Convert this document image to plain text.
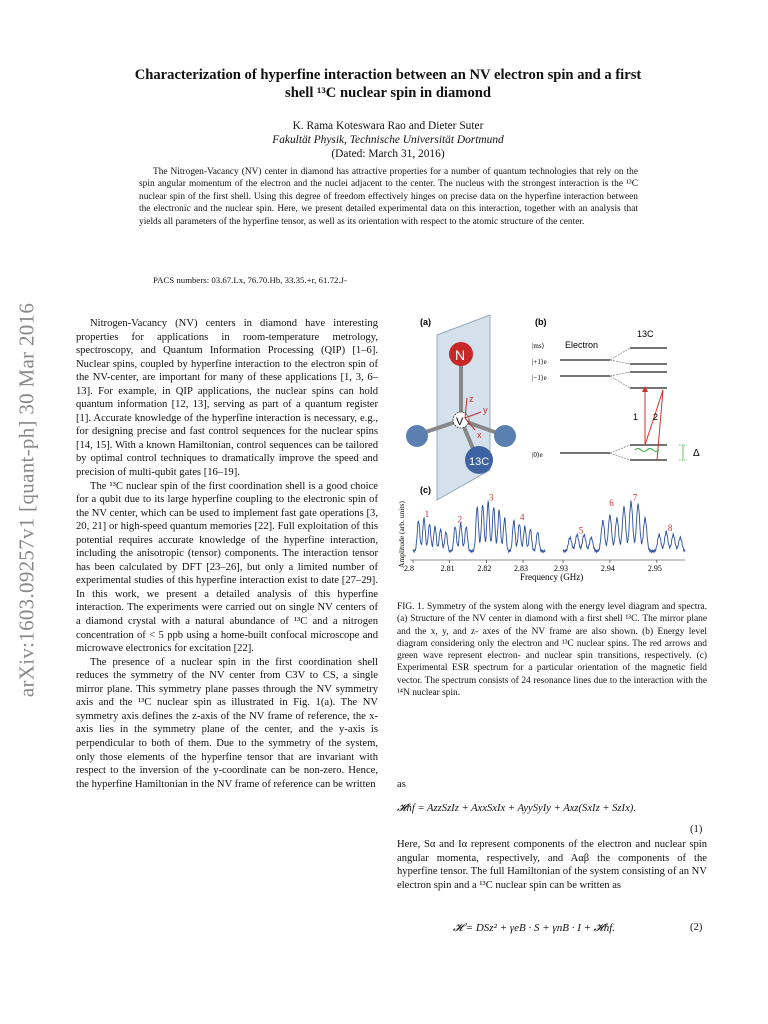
arXiv:1603.09257v1 [quant-ph] 30 Mar 2016
Characterization of hyperfine interaction between an NV electron spin and a first
shell ¹³C nuclear spin in diamond
K. Rama Koteswara Rao and Dieter Suter
Fakultät Physik, Technische Universität Dortmund
(Dated: March 31, 2016)
The Nitrogen-Vacancy (NV) center in diamond has attractive properties for a number of quantum technologies that rely on the spin angular momentum of the electron and the nuclei adjacent to the center. The nucleus with the strongest interaction is the ¹³C nuclear spin of the first shell. Using this degree of freedom effectively hinges on precise data on the hyperfine interaction between the electronic and the nuclear spin. Here, we present detailed experimental data on this interaction, together with an analysis that yields all parameters of the hyperfine tensor, as well as its orientation with respect to the atomic structure of the center.
PACS numbers: 03.67.Lx, 76.70.Hb, 33.35.+r, 61.72.J-

Nitrogen-Vacancy (NV) centers in diamond have interesting properties for applications in room-temperature metrology, spectroscopy, and Quantum Information Processing (QIP) [1–6]. Nuclear spins, coupled by hyperfine interaction to the electron spin of the NV-center, are important for many of these applications [1, 3, 6–13]. For example, in QIP applications, the nuclear spins can hold quantum information [12, 13], serving as part of a quantum register [1]. Accurate knowledge of the hyperfine interaction is necessary, e.g., for designing precise and fast control sequences for the nuclear spins [14, 15]. With a known Hamiltonian, control sequences can be tailored by optimal control techniques to dramatically improve the speed and precision of multi-qubit gates [16–19].

The ¹³C nuclear spin of the first coordination shell is a good choice for a qubit due to its large hyperfine coupling to the electronic spin of the NV center, which can be used to implement fast gate operations [3, 20, 21] or high-speed quantum memories [22]. Full exploitation of this potential requires accurate knowledge of the hyperfine interaction, including the anisotropic (tensor) components. The interaction tensor has been calculated by DFT [23–26], but only a limited number of experimental studies of this hyperfine interaction exist to date [27–29]. In this work, we present a detailed analysis of this hyperfine interaction. The experiments were carried out on single NV centers of a diamond crystal with a natural abundance of ¹³C and a nitrogen concentration of < 5 ppb using a home-built confocal microscope and microwave electronics for excitation [22].

The presence of a nuclear spin in the first coordination shell reduces the symmetry of the NV center from C3V to CS, a single mirror plane. This symmetry plane passes through the NV symmetry axis and the ¹³C nuclear spin as illustrated in Fig. 1(a). The NV symmetry axis defines the z-axis of the NV frame of reference, the x-axis lies in the symmetry plane of the center, and the y-axis is perpendicular to both of them. Due to the symmetry of the system, only those elements of the hyperfine tensor that are invariant with respect to the inversion of the y-coordinate can be non-zero. Hence, the hyperfine Hamiltonian in the NV frame of reference can be written

(a)
N
13C
V
z
y
x
(b)
13C
|ms⟩ Electron
|+1⟩e
|−1⟩e
|0⟩e
1 2
Δ
(c)
Amplitude (arb. units)
2.8	2.81	2.82	2.83	2.93	2.94	2.95
1
2
3
4
5
6
7
8
Frequency (GHz)
FIG. 1. Symmetry of the system along with the energy level diagram and spectra. (a) Structure of the NV center in diamond with a first shell ¹³C. The mirror plane and the x, y, and z- axes of the NV frame are also shown. (b) Energy level diagram considering only the electron and ¹³C nuclear spins. The red arrows and green wave represent electron- and nuclear spin transitions, respectively. (c) Experimental ESR spectrum for a particular orientation of the magnetic field vector. The spectrum consists of 24 resonance lines due to the interaction with the ¹⁴N nuclear spin.
as
𝓗hf = AzzSzIz + AxxSxIx + AyySyIy + Axz(SxIz + SzIx).
(1)
Here, Sα and Iα represent components of the electron and nuclear spin angular momenta, respectively, and Aαβ the components of the hyperfine tensor. The full Hamiltonian of the system consisting of an NV electron spin and a ¹³C nuclear spin can be written as
𝓗 = DSz² + γeB · S + γnB · I + 𝓗hf.	(2)
